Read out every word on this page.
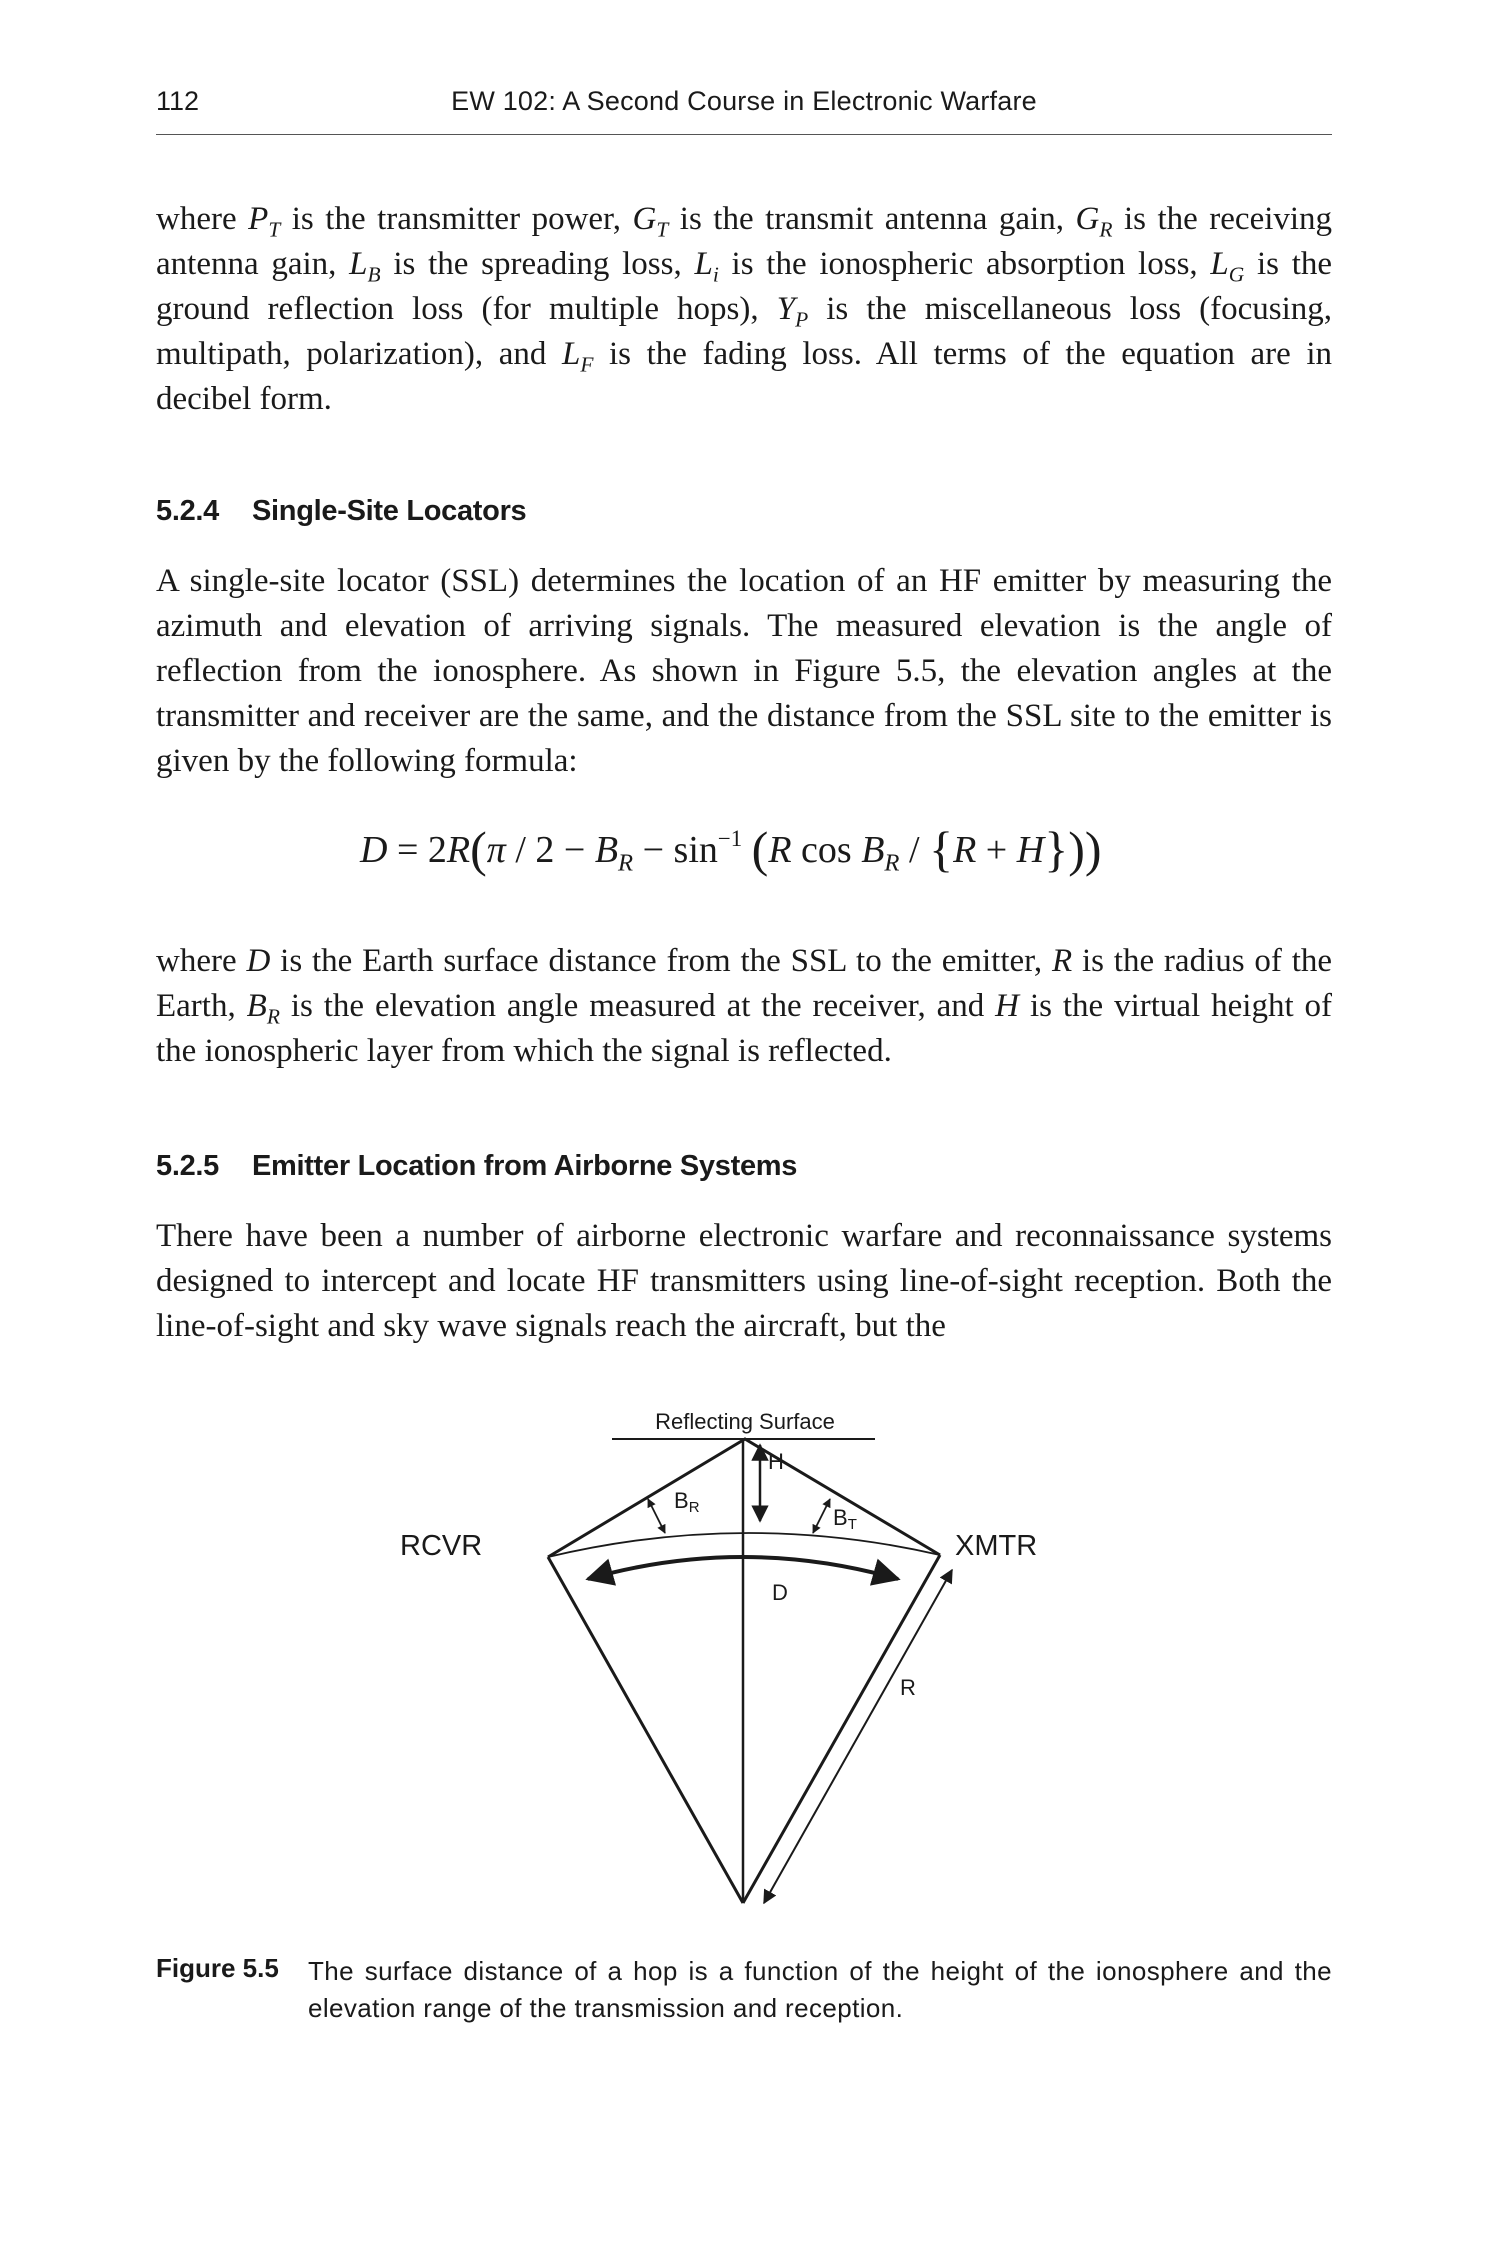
112	EW 102: A Second Course in Electronic Warfare

where $P_T$ is the transmitter power, $G_T$ is the transmit antenna gain, $G_R$ is the receiving antenna gain, $L_B$ is the spreading loss, $L_i$ is the ionospheric absorption loss, $L_G$ is the ground reflection loss (for multiple hops), $Y_P$ is the miscellaneous loss (focusing, multipath, polarization), and $L_F$ is the fading loss. All terms of the equation are in decibel form.

5.2.4 Single-Site Locators

A single-site locator (SSL) determines the location of an HF emitter by measuring the azimuth and elevation of arriving signals. The measured elevation is the angle of reflection from the ionosphere. As shown in Figure 5.5, the elevation angles at the transmitter and receiver are the same, and the distance from the SSL site to the emitter is given by the following formula:

$D = 2R(\pi / 2 - B_R - \sin^{-1} (R$ $\cos B_R / \{R + H\}$))

where D is the Earth surface distance from the SSL to the emitter, R is the radius of the Earth, $B_R$ is the elevation angle measured at the receiver, and H is the virtual height of the ionospheric layer from which the signal is reflected.

5.2.5 Emitter Location from Airborne Systems

There have been a number of airborne electronic warfare and reconnaissance systems designed to intercept and locate HF transmitters using line-of-sight reception. Both the line-of-sight and sky wave signals reach the aircraft, but the

Reflecting Surface
H
D
BR	BT
R
RCVR	XMTR
Figure 5.5 The surface distance of a hop is a function of the height of the ionosphere and the elevation range of the transmission and reception.
